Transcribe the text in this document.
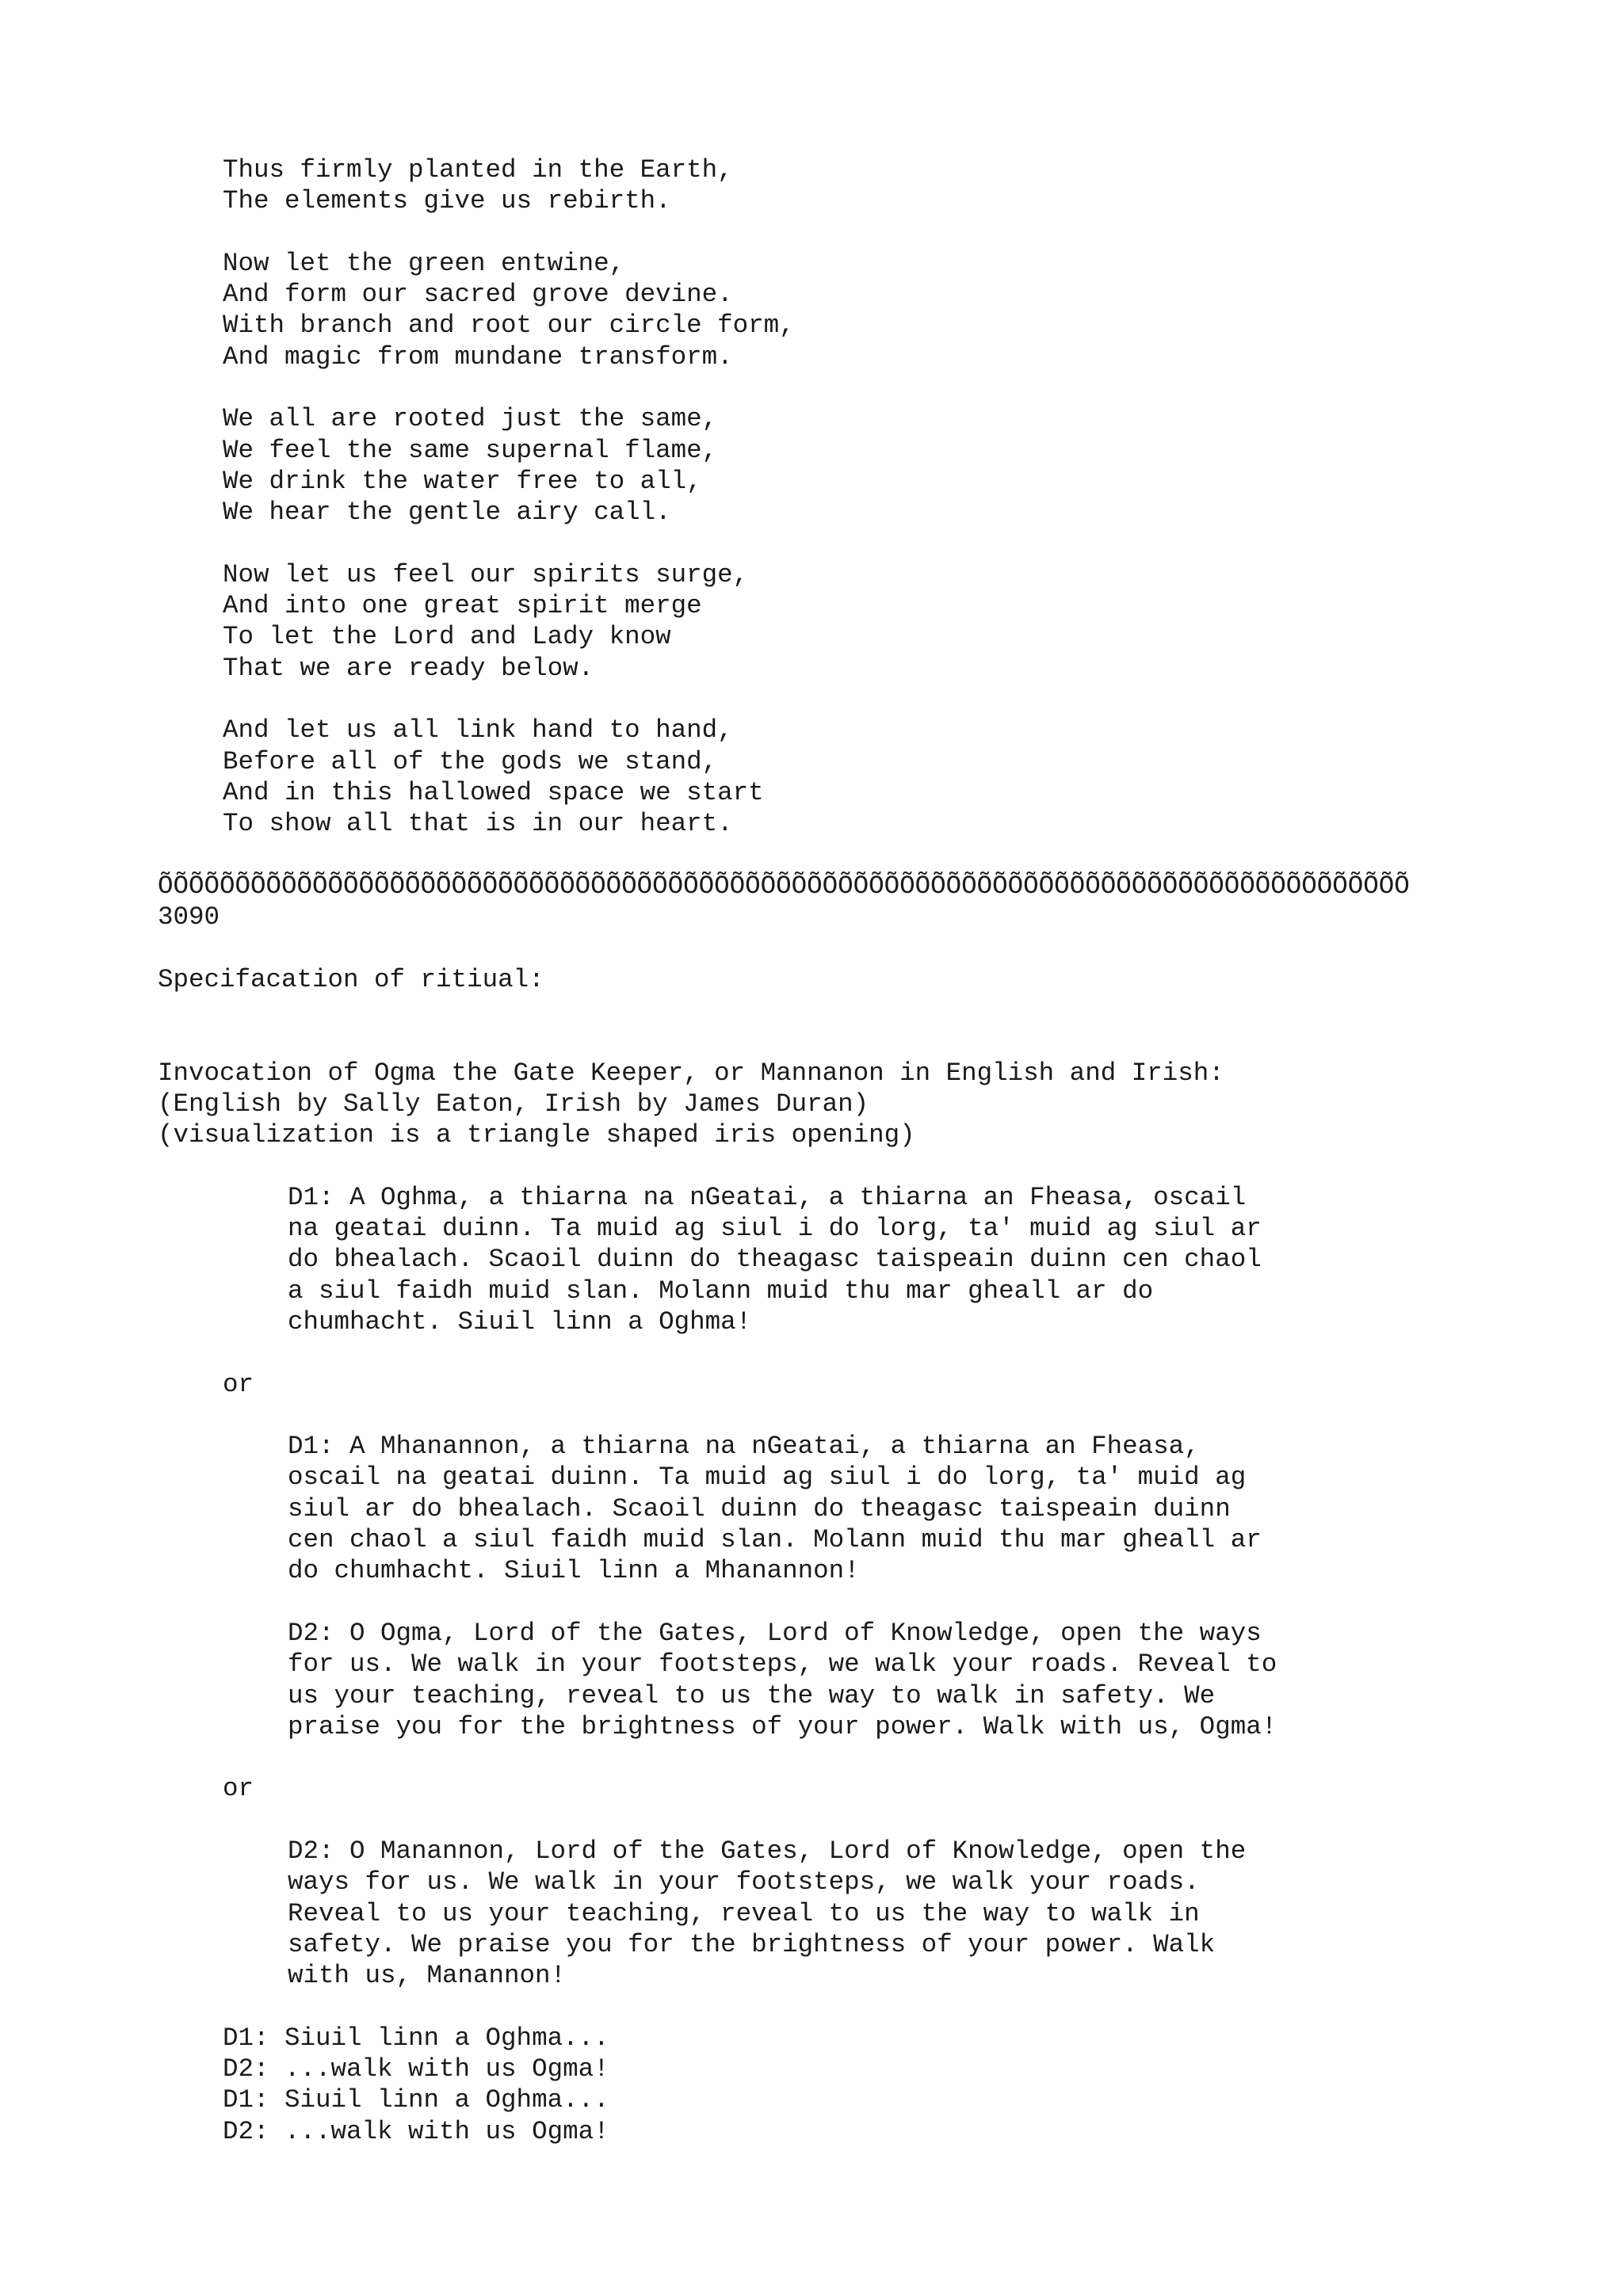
Thus firmly planted in the Earth,
The elements give us rebirth.
Now let the green entwine,
And form our sacred grove devine.
With branch and root our circle form,
And magic from mundane transform.
We all are rooted just the same,
We feel the same supernal flame,
We drink the water free to all,
We hear the gentle airy call.
Now let us feel our spirits surge,
And into one great spirit merge
To let the Lord and Lady know
That we are ready below.
And let us all link hand to hand,
Before all of the gods we stand,
And in this hallowed space we start
To show all that is in our heart.
ÕÕÕÕÕÕÕÕÕÕÕÕÕÕÕÕÕÕÕÕÕÕÕÕÕÕÕÕÕÕÕÕÕÕÕÕÕÕÕÕÕÕÕÕÕÕÕÕÕÕÕÕÕÕÕÕÕÕÕÕÕÕÕÕÕÕÕÕÕÕÕÕÕÕÕÕÕÕÕÕÕ
3090
Specifacation of ritiual:
Invocation of Ogma the Gate Keeper, or Mannanon in English and Irish:
(English by Sally Eaton, Irish by James Duran)
(visualization is a triangle shaped iris opening)
D1: A Oghma, a thiarna na nGeatai, a thiarna an Fheasa, oscail
na geatai duinn. Ta muid ag siul i do lorg, ta' muid ag siul ar
do bhealach. Scaoil duinn do theagasc taispeain duinn cen chaol
a siul faidh muid slan. Molann muid thu mar gheall ar do
chumhacht. Siuil linn a Oghma!
or
D1: A Mhanannon, a thiarna na nGeatai, a thiarna an Fheasa,
oscail na geatai duinn. Ta muid ag siul i do lorg, ta' muid ag
siul ar do bhealach. Scaoil duinn do theagasc taispeain duinn
cen chaol a siul faidh muid slan. Molann muid thu mar gheall ar
do chumhacht. Siuil linn a Mhanannon!
D2: O Ogma, Lord of the Gates, Lord of Knowledge, open the ways
for us. We walk in your footsteps, we walk your roads. Reveal to
us your teaching, reveal to us the way to walk in safety. We
praise you for the brightness of your power. Walk with us, Ogma!
or
D2: O Manannon, Lord of the Gates, Lord of Knowledge, open the
ways for us. We walk in your footsteps, we walk your roads.
Reveal to us your teaching, reveal to us the way to walk in
safety. We praise you for the brightness of your power. Walk
with us, Manannon!
D1: Siuil linn a Oghma...
D2: ...walk with us Ogma!
D1: Siuil linn a Oghma...
D2: ...walk with us Ogma!
